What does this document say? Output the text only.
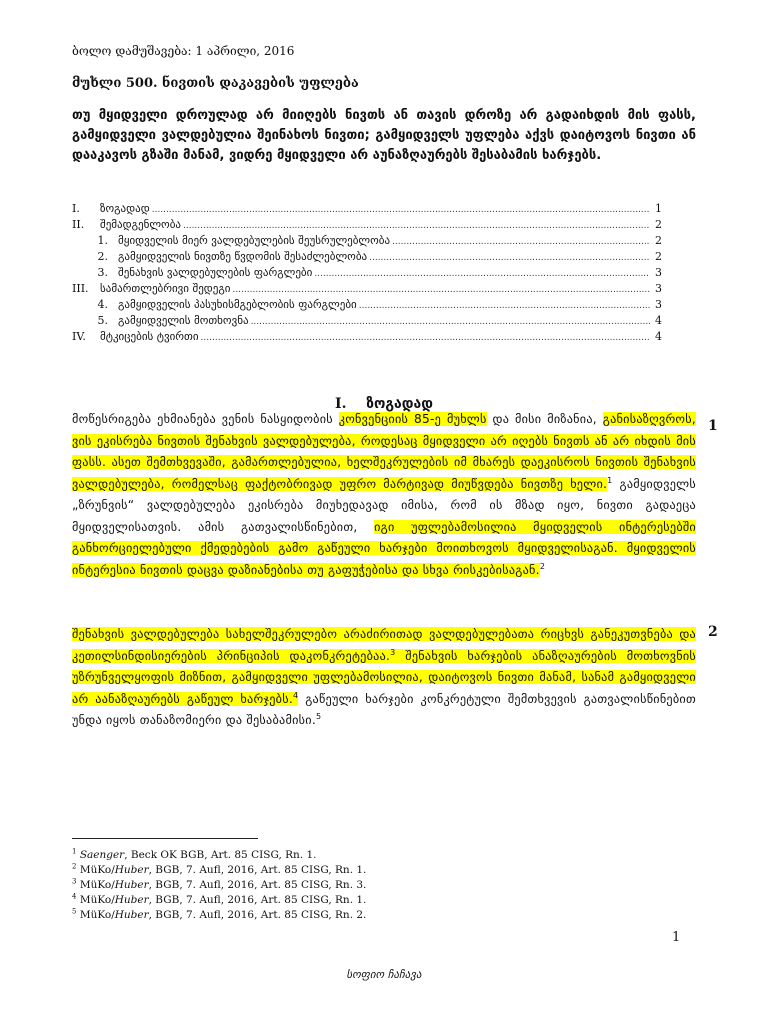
ბოლო დამუშავება: 1 აპრილი, 2016
მუხლი 500. ნივთის დაკავების უფლება
თუ მყიდველი დროულად არ მიიღებს ნივთს ან თავის დროზე არ გადაიხდის მის ფასს, გამყიდველი ვალდებულია შეინახოს ნივთი; გამყიდველს უფლება აქვს დაიტოვოს ნივთი ან დააკავოს გზაში მანამ, ვიდრე მყიდველი არ აუნაზღაურებს შესაბამის ხარჯებს.
I.	ზოგადად .....	1
II.	შემადგენლობა .....	2
1. მყიდველის მიერ ვალდებულების შეუსრულებლობა .....	2
2. გამყიდველის ნივთზე წვდომის შესაძლებლობა .....	2
3. შენახვის ვალდებულების ფარგლები .....	3
III.	სამართლებრივი შედეგი .....	3
4. გამყიდველის პასუხისმგებლობის ფარგლები .....	3
5. გამყიდველის მოთხოვნა .....	4
IV.	მტკიცების ტვირთი .....	4
I. ზოგადად
მოწესრიგება ეხმიანება ვენის ნასყიდობის კონვენციის 85-ე მუხლს და მისი მიზანია, განისაზღვროს, ვის ეკისრება ნივთის შენახვის ვალდებულება, როდესაც მყიდველი არ იღებს ნივთს ან არ იხდის მის ფასს. ასეთ შემთხვევაში, გამართლებულია, ხელშეკრულების იმ მხარეს დაეკისროს ნივთის შენახვის ვალდებულება, რომელსაც ფაქტობრივად უფრო მარტივად მიუწვდება ნივთზე ხელი.$^1$ გამყიდველს „ზრუნვის“ ვალდებულება ეკისრება მიუხედავად იმისა, რომ ის მზად იყო, ნივთი გადაეცა მყიდველისათვის. ამის გათვალისწინებით, იგი უფლებამოსილია მყიდველის ინტერესებში განხორციელებული ქმედებების გამო გაწეული ხარჯები მოითხოვოს მყიდველისაგან. მყიდველის ინტერესია ნივთის დაცვა დაზიანებისა თუ გაფუჭებისა და სხვა რისკებისაგან.$^2$
1
შენახვის ვალდებულება სახელშეკრულებო არაძირითად ვალდებულებათა რიცხვს განეკუთვნება და კეთილსინდისიერების პრინციპის დაკონკრეტებაა.$^3$ შენახვის ხარჯების ანაზღაურების მოთხოვნის უზრუნველყოფის მიზნით, გამყიდველი უფლებამოსილია, დაიტოვოს ნივთი მანამ, სანამ გამყიდველი არ აანაზღაურებს გაწეულ ხარჯებს.$^4$ გაწეული ხარჯები კონკრეტული შემთხვევის გათვალისწინებით უნდა იყოს თანაზომიერი და შესაბამისი.$^5$
2
$^1$ Saenger, Beck OK BGB, Art. 85 CISG, Rn. 1.
$^2$ MüKo/Huber, BGB, 7. Aufl, 2016, Art. 85 CISG, Rn. 1.
$^3$ MüKo/Huber, BGB, 7. Aufl, 2016, Art. 85 CISG, Rn. 3.
$^4$ MüKo/Huber, BGB, 7. Aufl, 2016, Art. 85 CISG, Rn. 1.
$^5$ MüKo/Huber, BGB, 7. Aufl, 2016, Art. 85 CISG, Rn. 2.
1
სოფიო ჩაჩავა
